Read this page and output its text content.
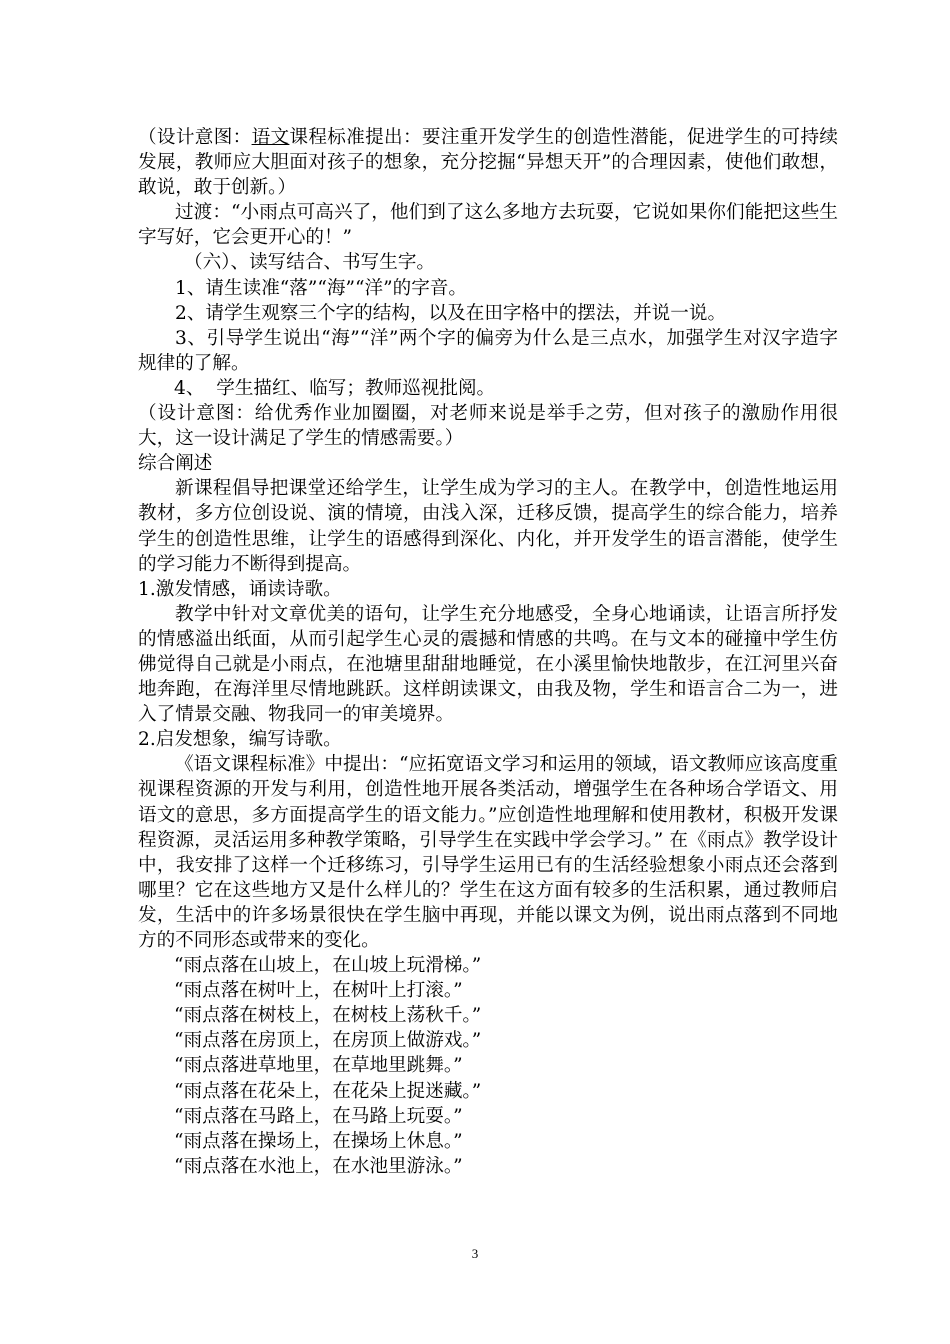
（设计意图：语文课程标准提出：要注重开发学生的创造性潜能，促进学生的可持续发展，教师应大胆面对孩子的想象，充分挖掘“异想天开”的合理因素，使他们敢想，敢说，敢于创新。）

过渡：“小雨点可高兴了，他们到了这么多地方去玩耍，它说如果你们能把这些生字写好，它会更开心的！”

（六）、读写结合、书写生字。

1、请生读准“落”“海”“洋”的字音。

2、请学生观察三个字的结构，以及在田字格中的摆法，并说一说。

3、引导学生说出“海”“洋”两个字的偏旁为什么是三点水，加强学生对汉字造字规律的了解。

4、  学生描红、临写；教师巡视批阅。

（设计意图：给优秀作业加圈圈，对老师来说是举手之劳，但对孩子的激励作用很大，这一设计满足了学生的情感需要。）

综合阐述

新课程倡导把课堂还给学生，让学生成为学习的主人。在教学中，创造性地运用教材，多方位创设说、演的情境，由浅入深，迁移反馈，提高学生的综合能力，培养学生的创造性思维，让学生的语感得到深化、内化，并开发学生的语言潜能，使学生的学习能力不断得到提高。

1.激发情感，诵读诗歌。

教学中针对文章优美的语句，让学生充分地感受，全身心地诵读，让语言所抒发的情感溢出纸面，从而引起学生心灵的震撼和情感的共鸣。在与文本的碰撞中学生仿佛觉得自己就是小雨点，在池塘里甜甜地睡觉，在小溪里愉快地散步，在江河里兴奋地奔跑，在海洋里尽情地跳跃。这样朗读课文，由我及物，学生和语言合二为一，进入了情景交融、物我同一的审美境界。

2.启发想象，编写诗歌。

《语文课程标准》中提出：“应拓宽语文学习和运用的领域，语文教师应该高度重视课程资源的开发与利用，创造性地开展各类活动，增强学生在各种场合学语文、用语文的意思，多方面提高学生的语文能力。”应创造性地理解和使用教材，积极开发课程资源，灵活运用多种教学策略，引导学生在实践中学会学习。” 在《雨点》教学设计中，我安排了这样一个迁移练习，引导学生运用已有的生活经验想象小雨点还会落到哪里？它在这些地方又是什么样儿的？学生在这方面有较多的生活积累，通过教师启发，生活中的许多场景很快在学生脑中再现，并能以课文为例，说出雨点落到不同地方的不同形态或带来的变化。

“雨点落在山坡上，在山坡上玩滑梯。”

“雨点落在树叶上，在树叶上打滚。”

“雨点落在树枝上，在树枝上荡秋千。”

“雨点落在房顶上，在房顶上做游戏。”

“雨点落进草地里，在草地里跳舞。”

“雨点落在花朵上，在花朵上捉迷藏。”

“雨点落在马路上，在马路上玩耍。”

“雨点落在操场上，在操场上休息。”

“雨点落在水池上，在水池里游泳。”

3
